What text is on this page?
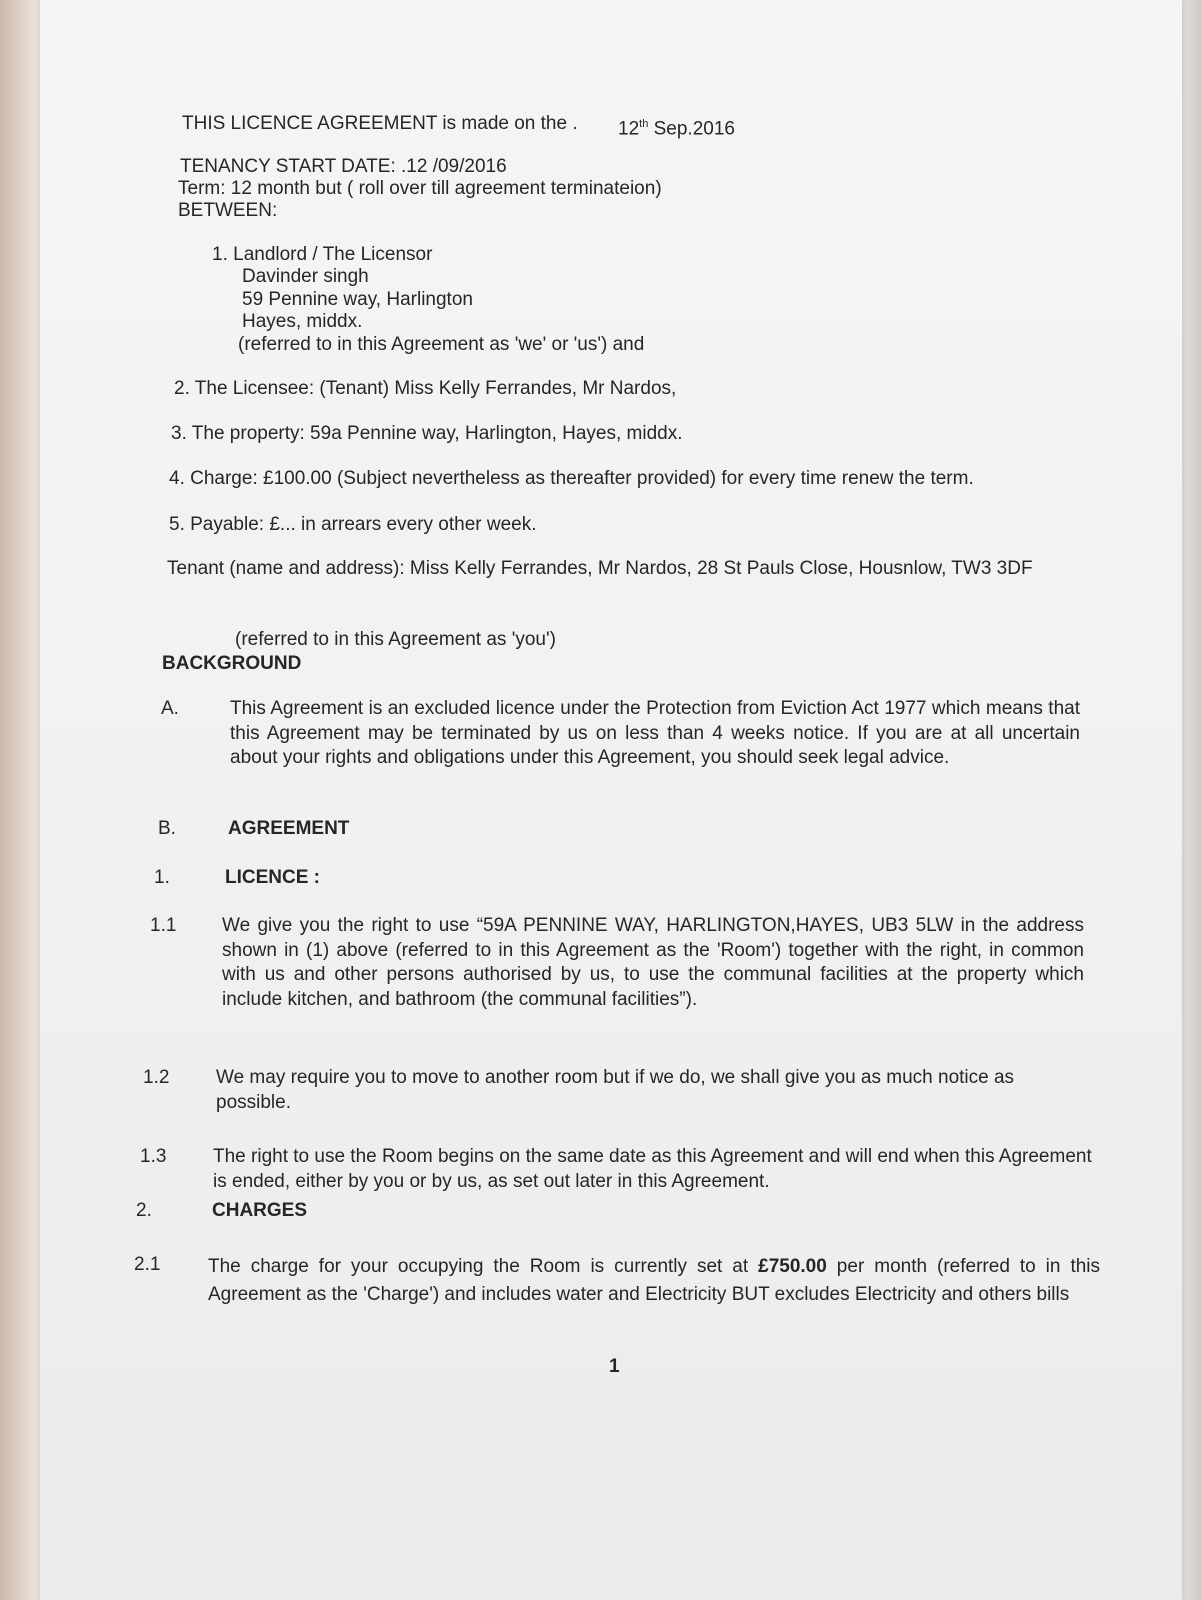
THIS LICENCE AGREEMENT is made on the . 12th Sep.2016
TENANCY START DATE: .12 /09/2016
Term: 12 month but ( roll over till agreement terminateion)
BETWEEN:
1. Landlord / The Licensor
Davinder singh
59 Pennine way, Harlington
Hayes, middx.
(referred to in this Agreement as 'we' or 'us') and
2. The Licensee: (Tenant) Miss Kelly Ferrandes, Mr Nardos,
3. The property: 59a Pennine way, Harlington, Hayes, middx.
4. Charge: £100.00 (Subject nevertheless as thereafter provided) for every time renew the term.
5. Payable: £... in arrears every other week.
Tenant (name and address): Miss Kelly Ferrandes, Mr Nardos, 28 St Pauls Close, Housnlow, TW3 3DF
(referred to in this Agreement as 'you')
BACKGROUND
A.	This Agreement is an excluded licence under the Protection from Eviction Act 1977 which means that this Agreement may be terminated by us on less than 4 weeks notice. If you are at all uncertain about your rights and obligations under this Agreement, you should seek legal advice.
B.	AGREEMENT
1.	LICENCE :
1.1 We give you the right to use “59A PENNINE WAY, HARLINGTON,HAYES, UB3 5LW in the address shown in (1) above (referred to in this Agreement as the 'Room') together with the right, in common with us and other persons authorised by us, to use the communal facilities at the property which include kitchen, and bathroom (the communal facilities”).
1.2 We may require you to move to another room but if we do, we shall give you as much notice as possible.
1.3 The right to use the Room begins on the same date as this Agreement and will end when this Agreement is ended, either by you or by us, as set out later in this Agreement.
2.	CHARGES
2.1	The charge for your occupying the Room is currently set at £750.00 per month (referred to in this Agreement as the 'Charge') and includes water and Electricity BUT excludes Electricity and others bills
1
